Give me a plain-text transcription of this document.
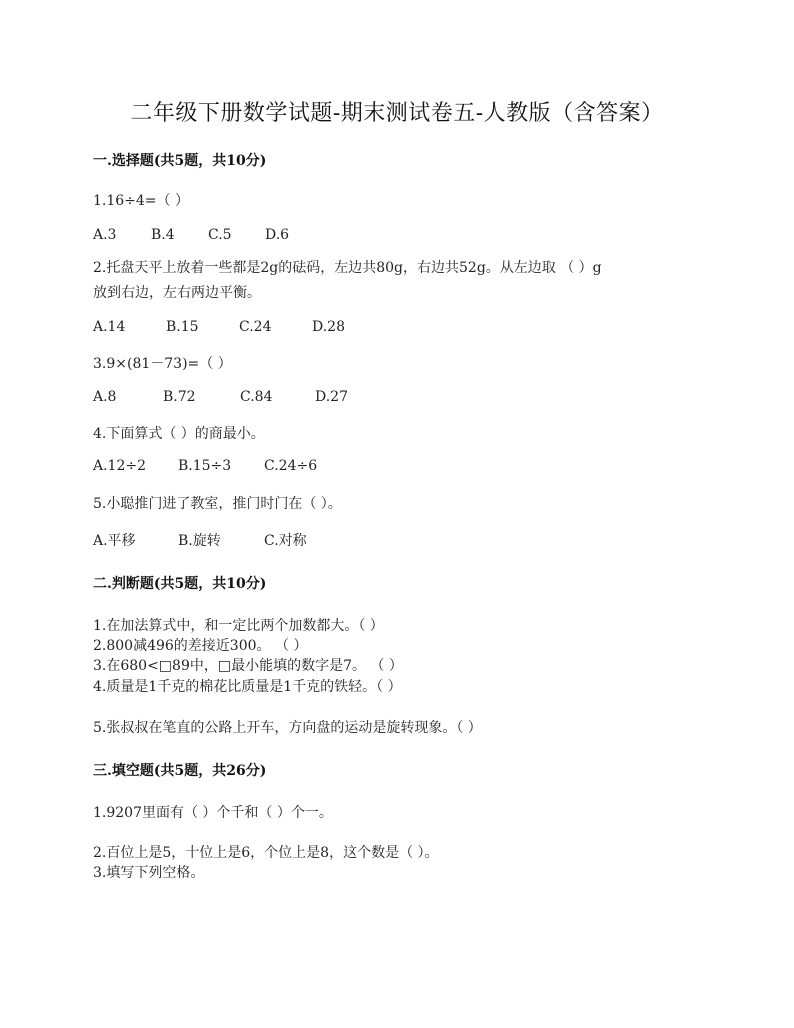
二年级下册数学试题-期末测试卷五-人教版（含答案）
一.选择题(共5题，共10分)
1.16÷4=（ ）
A.3	B.4	C.5	D.6
2.托盘天平上放着一些都是2g的砝码，左边共80g，右边共52g。从左边取 （ ）g放到右边，左右两边平衡。
A.14	B.15	C.24	D.28
3.9×(81－73)=（ ）
A.8	B.72	C.84	D.27
4.下面算式（ ）的商最小。
A.12÷2	B.15÷3	C.24÷6
5.小聪推门进了教室，推门时门在（ ）。
A.平移	B.旋转	C.对称
二.判断题(共5题，共10分)
1.在加法算式中，和一定比两个加数都大。（ ）
2.800减496的差接近300。 （ ）
3.在680<□89中，□最小能填的数字是7。 （ ）
4.质量是1千克的棉花比质量是1千克的铁轻。（ ）
5.张叔叔在笔直的公路上开车，方向盘的运动是旋转现象。（ ）
三.填空题(共5题，共26分)
1.9207里面有（ ）个千和（ ）个一。
2.百位上是5，十位上是6，个位上是8，这个数是（ ）。
3.填写下列空格。
